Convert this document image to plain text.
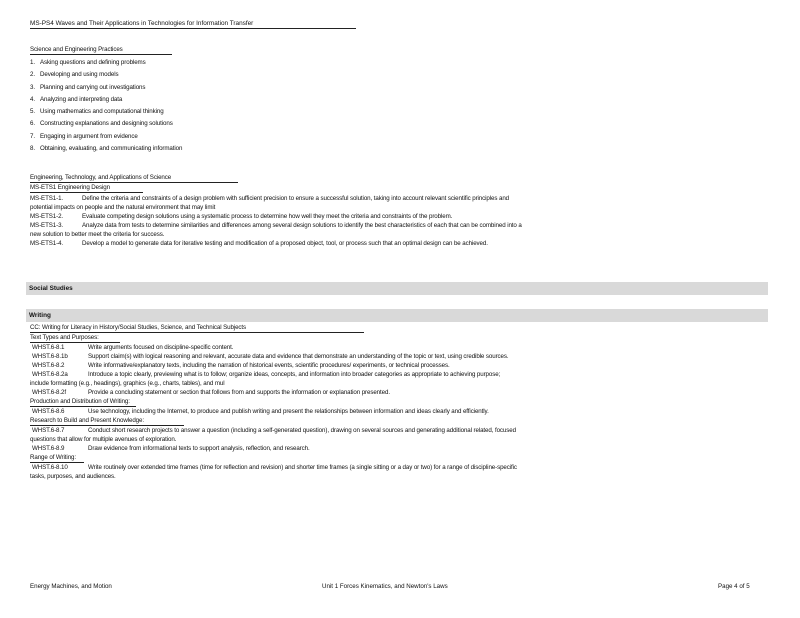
MS-PS4 Waves and Their Applications in Technologies for Information Transfer
Science and Engineering Practices
1. Asking questions and defining problems
2. Developing and using models
3. Planning and carrying out investigations
4. Analyzing and interpreting data
5. Using mathematics and computational thinking
6. Constructing explanations and designing solutions
7. Engaging in argument from evidence
8. Obtaining, evaluating, and communicating information
Engineering, Technology, and Applications of Science
MS-ETS1 Engineering Design
MS-ETS1-1.	Define the criteria and constraints of a design problem with sufficient precision to ensure a successful solution, taking into account relevant scientific principles and
potential impacts on people and the natural environment that may limit
MS-ETS1-2.	Evaluate competing design solutions using a systematic process to determine how well they meet the criteria and constraints of the problem.
MS-ETS1-3.	Analyze data from tests to determine similarities and differences among several design solutions to identify the best characteristics of each that can be combined into a
new solution to better meet the criteria for success.
MS-ETS1-4.	Develop a model to generate data for iterative testing and modification of a proposed object, tool, or process such that an optimal design can be achieved.
Social Studies
Writing
CC: Writing for Literacy in History/Social Studies, Science, and Technical Subjects
Text Types and Purposes:
WHST.6-8.1	Write arguments focused on discipline-specific content.
WHST.6-8.1b	Support claim(s) with logical reasoning and relevant, accurate data and evidence that demonstrate an understanding of the topic or text, using credible sources.
WHST.6-8.2	Write informative/explanatory texts, including the narration of historical events, scientific procedures/ experiments, or technical processes.
WHST.6-8.2a	Introduce a topic clearly, previewing what is to follow; organize ideas, concepts, and information into broader categories as appropriate to achieving purpose;
include formatting (e.g., headings), graphics (e.g., charts, tables), and mul
WHST.6-8.2f	Provide a concluding statement or section that follows from and supports the information or explanation presented.
Production and Distribution of Writing:
WHST.6-8.6	Use technology, including the Internet, to produce and publish writing and present the relationships between information and ideas clearly and efficiently.
Research to Build and Present Knowledge:
WHST.6-8.7	Conduct short research projects to answer a question (including a self-generated question), drawing on several sources and generating additional related, focused
questions that allow for multiple avenues of exploration.
WHST.6-8.9	Draw evidence from informational texts to support analysis, reflection, and research.
Range of Writing:
WHST.6-8.10	Write routinely over extended time frames (time for reflection and revision) and shorter time frames (a single sitting or a day or two) for a range of discipline-specific
tasks, purposes, and audiences.
Energy Machines, and Motion	Unit 1 Forces Kinematics, and Newton's Laws	Page 4 of 5
